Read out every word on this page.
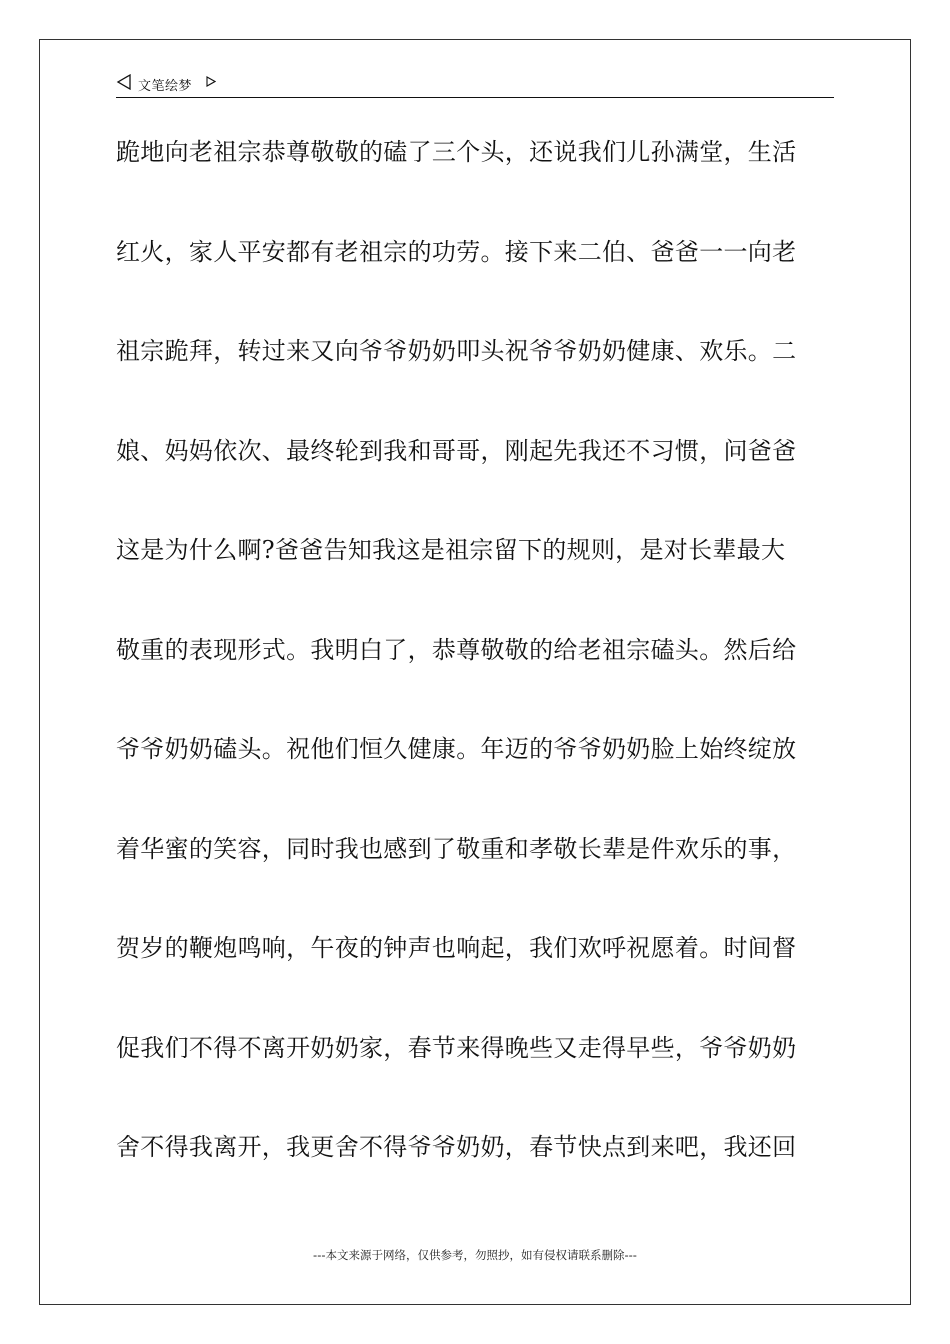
文笔绘梦
跪地向老祖宗恭尊敬敬的磕了三个头，还说我们儿孙满堂，生活
红火，家人平安都有老祖宗的功劳。接下来二伯、爸爸一一向老
祖宗跪拜，转过来又向爷爷奶奶叩头祝爷爷奶奶健康、欢乐。二
娘、妈妈依次、最终轮到我和哥哥，刚起先我还不习惯，问爸爸
这是为什么啊?爸爸告知我这是祖宗留下的规则，是对长辈最大
敬重的表现形式。我明白了，恭尊敬敬的给老祖宗磕头。然后给
爷爷奶奶磕头。祝他们恒久健康。年迈的爷爷奶奶脸上始终绽放
着华蜜的笑容，同时我也感到了敬重和孝敬长辈是件欢乐的事，
贺岁的鞭炮鸣响，午夜的钟声也响起，我们欢呼祝愿着。时间督
促我们不得不离开奶奶家，春节来得晚些又走得早些，爷爷奶奶
舍不得我离开，我更舍不得爷爷奶奶，春节快点到来吧，我还回
---本文来源于网络，仅供参考，勿照抄，如有侵权请联系删除---
